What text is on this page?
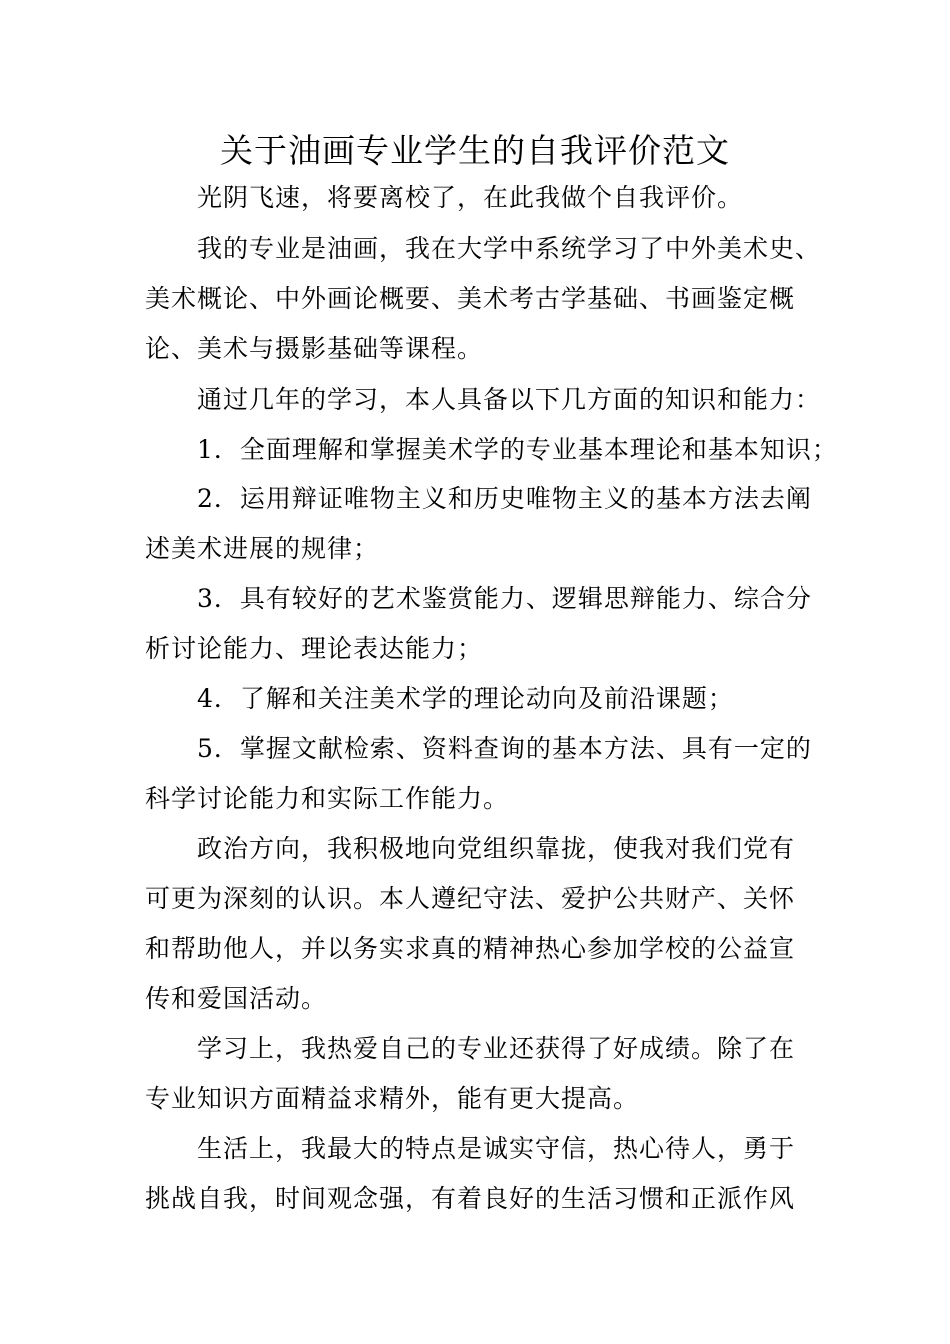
关于油画专业学生的自我评价范文
光阴飞速，将要离校了，在此我做个自我评价。
我的专业是油画，我在大学中系统学习了中外美术史、
美术概论、中外画论概要、美术考古学基础、书画鉴定概
论、美术与摄影基础等课程。
通过几年的学习，本人具备以下几方面的知识和能力：
1．全面理解和掌握美术学的专业基本理论和基本知识；
2．运用辩证唯物主义和历史唯物主义的基本方法去阐
述美术进展的规律；
3．具有较好的艺术鉴赏能力、逻辑思辩能力、综合分
析讨论能力、理论表达能力；
4．了解和关注美术学的理论动向及前沿课题；
5．掌握文献检索、资料查询的基本方法、具有一定的
科学讨论能力和实际工作能力。
政治方向，我积极地向党组织靠拢，使我对我们党有
可更为深刻的认识。本人遵纪守法、爱护公共财产、关怀
和帮助他人，并以务实求真的精神热心参加学校的公益宣
传和爱国活动。
学习上，我热爱自己的专业还获得了好成绩。除了在
专业知识方面精益求精外，能有更大提高。
生活上，我最大的特点是诚实守信，热心待人，勇于
挑战自我，时间观念强，有着良好的生活习惯和正派作风
